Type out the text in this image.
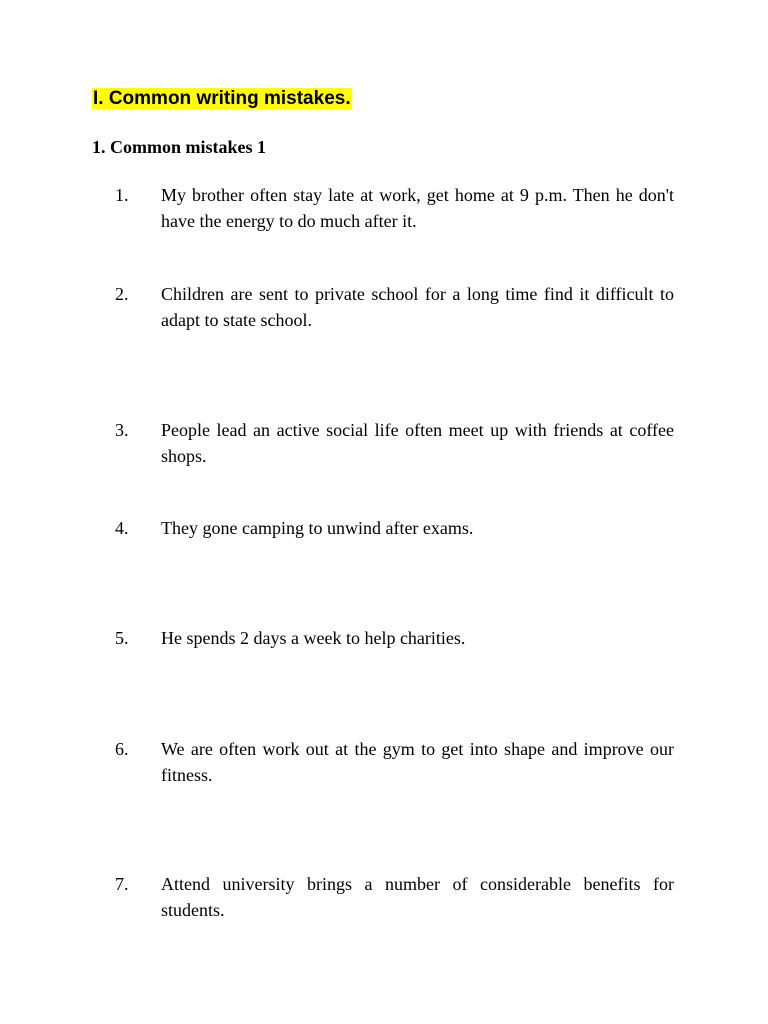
I. Common writing mistakes.
1. Common mistakes 1
1. My brother often stay late at work, get home at 9 p.m. Then he don't have the energy to do much after it.
2. Children are sent to private school for a long time find it difficult to adapt to state school.
3. People lead an active social life often meet up with friends at coffee shops.
4. They gone camping to unwind after exams.
5. He spends 2 days a week to help charities.
6. We are often work out at the gym to get into shape and improve our fitness.
7. Attend university brings a number of considerable benefits for students.
